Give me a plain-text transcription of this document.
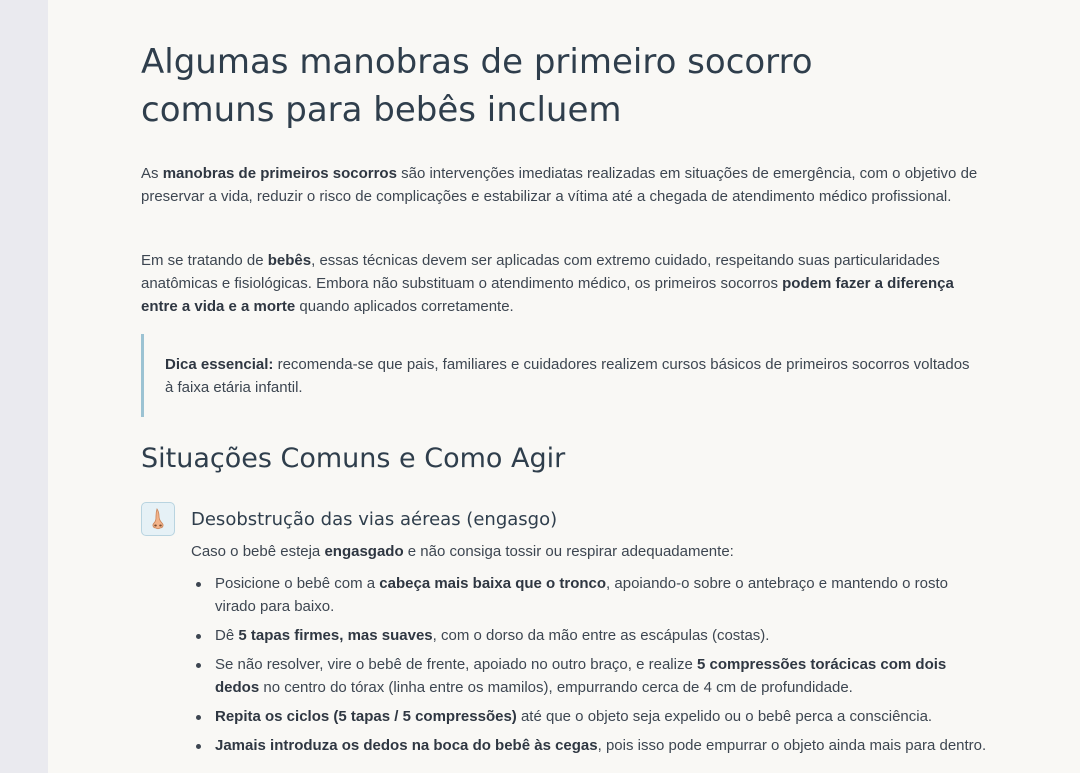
Algumas manobras de primeiro socorro comuns para bebês incluem

As manobras de primeiros socorros são intervenções imediatas realizadas em situações de emergência, com o objetivo de preservar a vida, reduzir o risco de complicações e estabilizar a vítima até a chegada de atendimento médico profissional.

Em se tratando de bebês, essas técnicas devem ser aplicadas com extremo cuidado, respeitando suas particularidades anatômicas e fisiológicas. Embora não substituam o atendimento médico, os primeiros socorros podem fazer a diferença entre a vida e a morte quando aplicados corretamente.

Dica essencial: recomenda-se que pais, familiares e cuidadores realizem cursos básicos de primeiros socorros voltados à faixa etária infantil.
Situações Comuns e Como Agir
Desobstrução das vias aéreas (engasgo)

Caso o bebê esteja engasgado e não consiga tossir ou respirar adequadamente:

Posicione o bebê com a cabeça mais baixa que o tronco, apoiando-o sobre o antebraço e mantendo o rosto virado para baixo.
Dê 5 tapas firmes, mas suaves, com o dorso da mão entre as escápulas (costas).
Se não resolver, vire o bebê de frente, apoiado no outro braço, e realize 5 compressões torácicas com dois dedos no centro do tórax (linha entre os mamilos), empurrando cerca de 4 cm de profundidade.
Repita os ciclos (5 tapas / 5 compressões) até que o objeto seja expelido ou o bebê perca a consciência.
Jamais introduza os dedos na boca do bebê às cegas, pois isso pode empurrar o objeto ainda mais para dentro.
